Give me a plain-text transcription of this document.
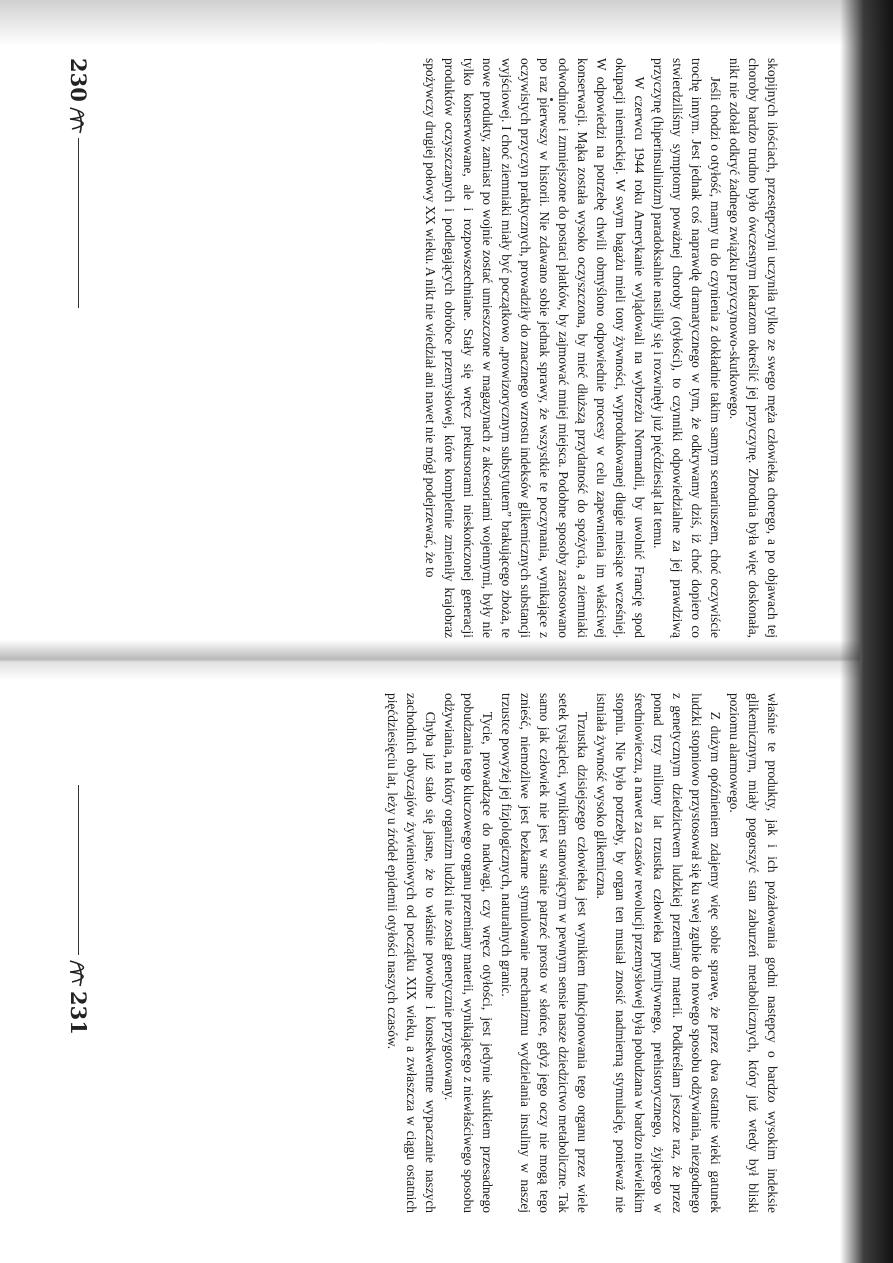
skopijnych ilościach, przestępczyni uczyniła tylko ze swego męża człowieka chorego, a po objawach tej choroby bardzo trudno było ówczesnym lekarzom określić jej przyczynę. Zbrodnia była więc doskonała, nikt nie zdołał odkryć żadnego związku przyczynowo-skutkowego.

Jeśli chodzi o otyłość, mamy tu do czynienia z dokładnie takim samym scenariuszem, choć oczywiście trochę innym. Jest jednak coś naprawdę dramatycznego w tym, że odkrywamy dziś, iż choć dopiero co stwierdziliśmy symptomy poważnej choroby (otyłości), to czynniki odpowiedzialne za jej prawdziwą przyczynę (hiperinsulinizm) paradoksalnie nasiliły się i rozwinęły już pięćdziesiąt lat temu.

W czerwcu 1944 roku Amerykanie wylądowali na wybrzeżu Normandii, by uwolnić Francję spod okupacji niemieckiej. W swym bagażu mieli tony żywności, wyprodukowanej długie miesiące wcześniej. W odpowiedzi na potrzebę chwili obmyślono odpowiednie procesy w celu zapewnienia im właściwej konserwacji. Mąka została wysoko oczyszczona, by mieć dłuższą przydatność do spożycia, a ziemniaki odwodnione i zmniejszone do postaci płatków, by zajmować mniej miejsca. Podobne sposoby zastosowano po raz pierwszy w historii. Nie zdawano sobie jednak sprawy, że wszystkie te poczynania, wynikające z oczywistych przyczyn praktycznych, prowadziły do znacznego wzrostu indeksów glikemicznych substancji wyjściowej. I choć ziemniaki miały być początkowo „prowizorycznym substytutem” brakującego zboża, te nowe produkty, zamiast po wojnie zostać umieszczone w magazynach z akcesoriami wojennymi, były nie tylko konserwowane, ale i rozpowszechniane. Stały się wręcz prekursorami nieskończonej generacji produktów oczyszczanych i podlegających obróbce przemysłowej, które kompletnie zmieniły krajobraz spożywczy drugiej połowy XX wieku. A nikt nie wiedział ani nawet nie mógł podejrzewać, że to

230

właśnie te produkty, jak i ich pożałowania godni następcy o bardzo wysokim indeksie glikemicznym, miały pogorszyć stan zaburzeń metabolicznych, który już wtedy był bliski poziomu alarmowego.

Z dużym opóźnieniem zdajemy więc sobie sprawę, że przez dwa ostatnie wieki gatunek ludzki stopniowo przystosował się ku swej zgubie do nowego sposobu odżywiania, niezgodnego z genetycznym dziedzictwem ludzkiej przemiany materii. Podkreślam jeszcze raz, że przez ponad trzy miliony lat trzustka człowieka prymitywnego, prehistorycznego, żyjącego w średniowieczu, a nawet za czasów rewolucji przemysłowej była pobudzana w bardzo niewielkim stopniu. Nie było potrzeby, by organ ten musiał znosić nadmierną stymulację, ponieważ nie istniała żywność wysoko glikemiczna.

Trzustka dzisiejszego człowieka jest wynikiem funkcjonowania tego organu przez wiele setek tysiącleci, wynikiem stanowiącym w pewnym sensie nasze dziedzictwo metaboliczne. Tak samo jak człowiek nie jest w stanie patrzeć prosto w słońce, gdyż jego oczy nie mogą tego znieść, niemożliwe jest bezkarne stymulowanie mechanizmu wydzielania insuliny w naszej trzustce powyżej jej fizjologicznych, naturalnych granic.

Tycie, prowadzące do nadwagi, czy wręcz otyłości, jest jedynie skutkiem przesadnego pobudzania tego kluczowego organu przemiany materii, wynikającego z niewłaściwego sposobu odżywiania, na który organizm ludzki nie został genetycznie przygotowany.

Chyba już stało się jasne, że to właśnie powolne i konsekwentne wypaczanie naszych zachodnich obyczajów żywieniowych od początku XIX wieku, a zwłaszcza w ciągu ostatnich pięćdziesięciu lat, leży u źródeł epidemii otyłości naszych czasów.

231
